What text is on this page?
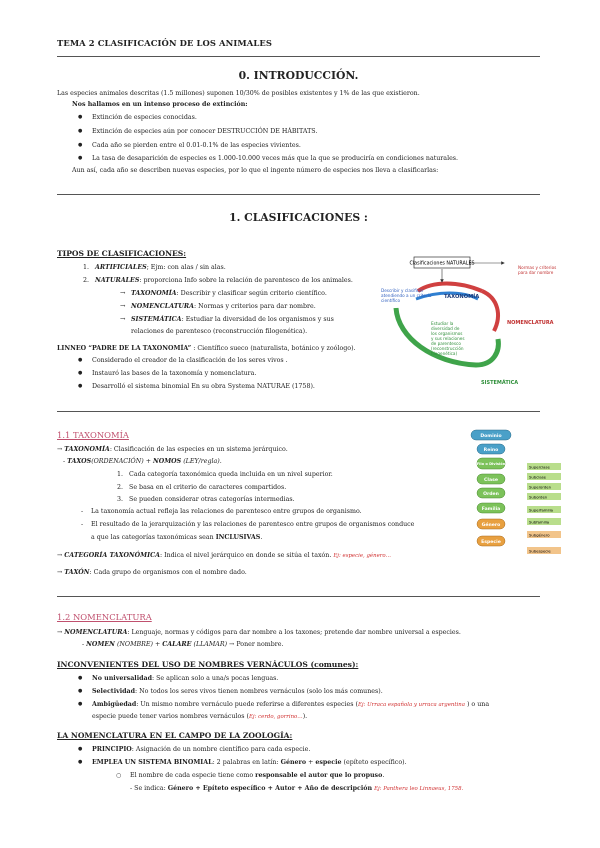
TEMA 2 CLASIFICACIÓN DE LOS ANIMALES
0. INTRODUCCIÓN.
Las especies animales descritas (1.5 millones) suponen 10/30% de posibles existentes y 1% de las que existieron.
Nos hallamos en un intenso proceso de extinción:
● Extinción de especies conocidas.
● Extinción de especies aún por conocer DESTRUCCIÓN DE HÁBITATS.
● Cada año se pierden entre el 0.01-0.1% de las especies vivientes.
● La tasa de desaparición de especies es 1.000-10.000 veces más que la que se produciría en condiciones naturales.
Aun así, cada año se describen nuevas especies, por lo que el ingente número de especies nos lleva a clasificarlas:
1. CLASIFICACIONES :
TIPOS DE CLASIFICACIONES:
1. ARTIFICIALES; Ejm: con alas / sin alas.
2. NATURALES: proporciona Info sobre la relación de parentesco de los animales.
→ TAXONOMÍA: Describir y clasificar según criterio científico.
→ NOMENCLATURA: Normas y criterios para dar nombre.
→ SISTEMÁTICA: Estudiar la diversidad de los organismos y sus
relaciones de parentesco (reconstrucción filogenética).
LINNEO “PADRE DE LA TAXONOMÍA” : Científico sueco (naturalista, botánico y zoólogo).
● Considerado el creador de la clasificación de los seres vivos .
● Instauró las bases de la taxonomía y nomenclatura.
● Desarrolló el sistema binomial En su obra Systema NATURAE (1758).
Clasificaciones NATURALES
Describir y clasificar
atendiendo a un criterio
científico
TAXONOMÍA
Normas y criterios
para dar nombre
NOMENCLATURA
Estudiar la
diversidad de
los organismos
y sus relaciones
de parentesco
(reconstrucción
filogenética)
SISTEMÁTICA
1.1 TAXONOMÍA
→ TAXONOMÍA: Clasificación de las especies en un sistema jerárquico.
- TAXOS(ORDENACIÓN) + NOMOS (LEY/regla).
1. Cada categoría taxonómica queda incluida en un nivel superior.
2. Se basa en el criterio de caracteres compartidos.
3. Se pueden considerar otras categorías intermedias.
- La taxonomía actual refleja las relaciones de parentesco entre grupos de organismo.
- El resultado de la jerarquización y las relaciones de parentesco entre grupos de organismos conduce
a que las categorías taxonómicas sean INCLUSIVAS.
→ CATEGORÍA TAXONÓMICA: Indica el nivel jerárquico en donde se sitúa el taxón. Ej: especie, género…
→ TAXÓN: Cada grupo de organismos con el nombre dado.
Dominio
Reino
Filo o División
Clase
Orden
Familia
Género
Especie
Superclase
Subclase
Superorden
Suborden
Superfamilia
Subfamilia
Subgénero
Subespecie
1.2 NOMENCLATURA
→ NOMENCLATURA: Lenguaje, normas y códigos para dar nombre a los taxones; pretende dar nombre universal a especies.
- NOMEN (NOMBRE) + CALARE (LLAMAR) → Poner nombre.
INCONVENIENTES DEL USO DE NOMBRES VERNÁCULOS (comunes):
● No universalidad: Se aplican solo a una/s pocas lenguas.
● Selectividad: No todos los seres vivos tienen nombres vernáculos (solo los más comunes).
● Ambigüedad: Un mismo nombre vernáculo puede referirse a diferentes especies (Ej: Urraca española y urraca argentina ) o una
especie puede tener varios nombres vernáculos (Ej: cerdo, gorrino…).
LA NOMENCLATURA EN EL CAMPO DE LA ZOOLOGÍA:
● PRINCIPIO: Asignación de un nombre científico para cada especie.
● EMPLEA UN SISTEMA BINOMIAL: 2 palabras en latín: Género + especie (epíteto específico).
○ El nombre de cada especie tiene como responsable el autor que lo propuso.
- Se indica: Género + Epíteto específico + Autor + Año de descripción Ej: Panthera leo Linnaeus, 1758.
